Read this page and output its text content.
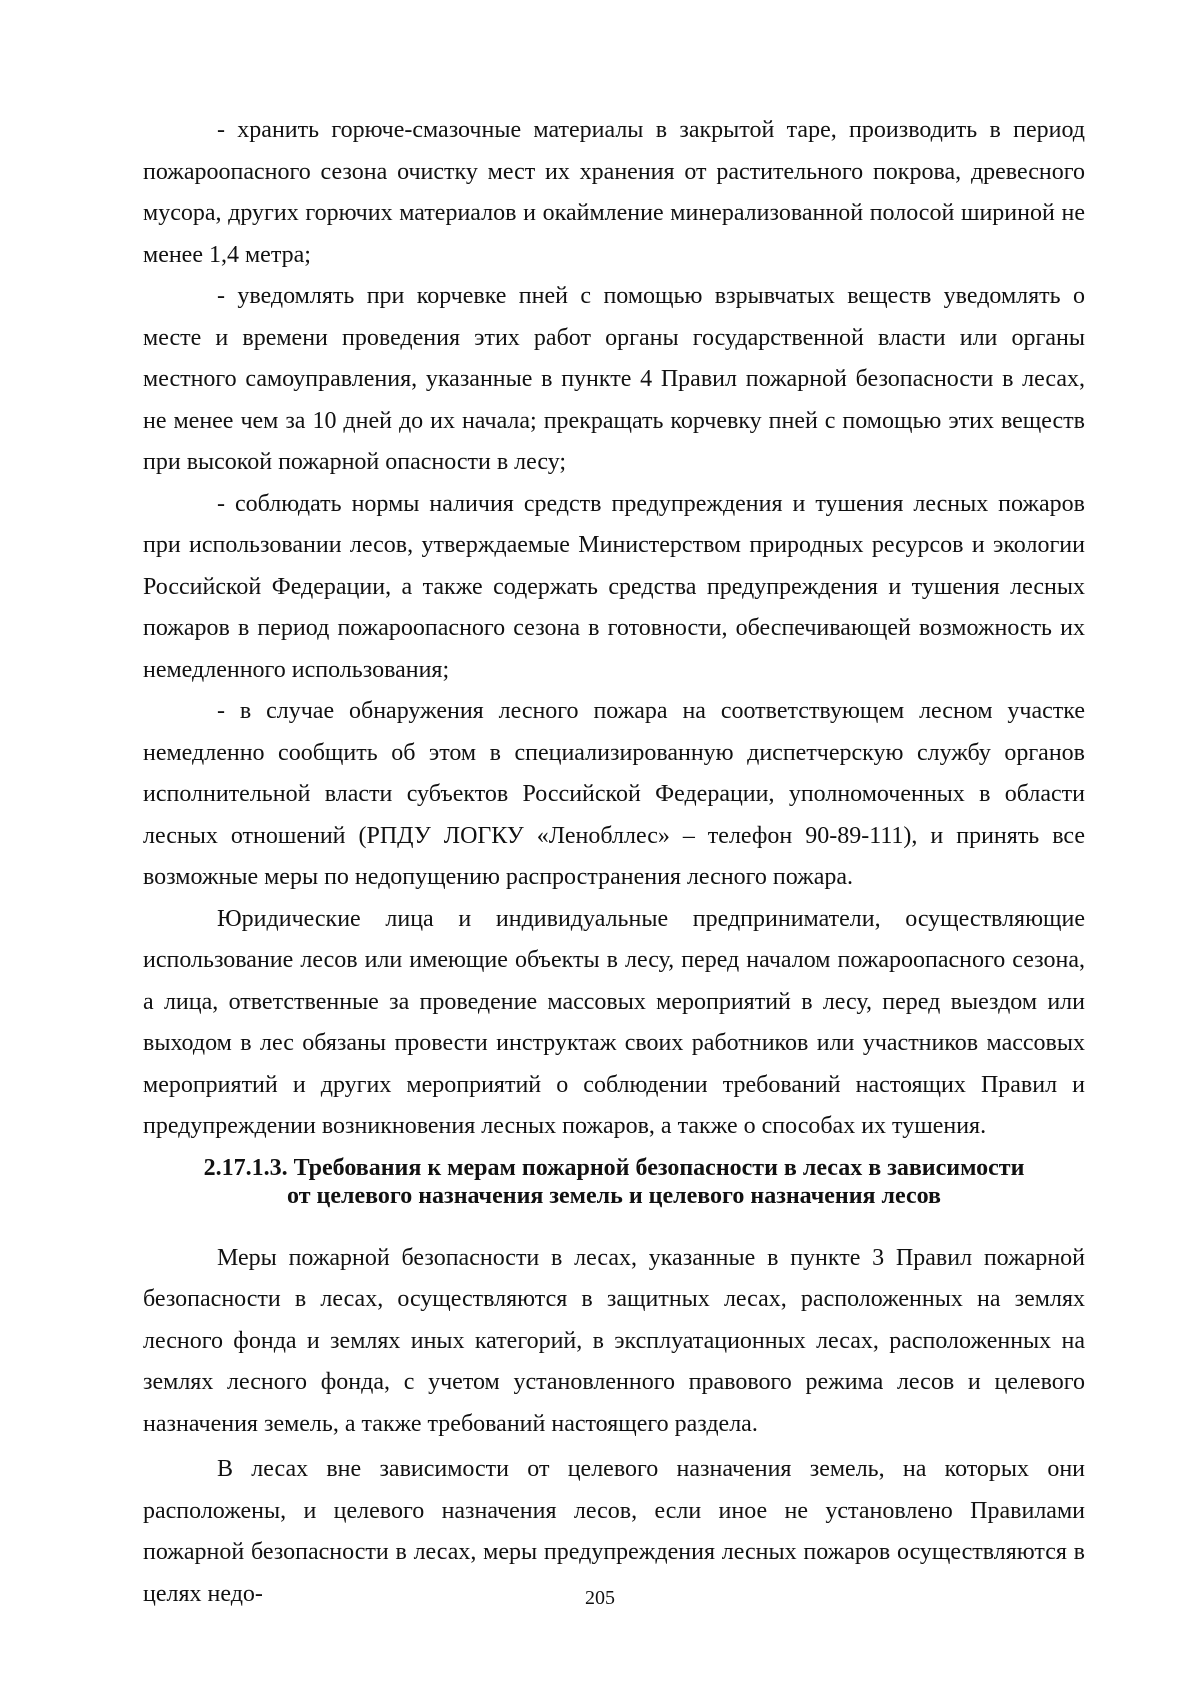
- хранить горюче-смазочные материалы в закрытой таре, производить в период пожароопасного сезона очистку мест их хранения от растительного покрова, древесного мусора, других горючих материалов и окаймление минерализованной полосой шириной не менее 1,4 метра;

- уведомлять при корчевке пней с помощью взрывчатых веществ уведомлять о месте и времени проведения этих работ органы государственной власти или органы местного самоуправления, указанные в пункте 4 Правил пожарной безопасности в лесах, не менее чем за 10 дней до их начала; прекращать корчевку пней с помощью этих веществ при высокой пожарной опасности в лесу;

- соблюдать нормы наличия средств предупреждения и тушения лесных пожаров при использовании лесов, утверждаемые Министерством природных ресурсов и экологии Российской Федерации, а также содержать средства предупреждения и тушения лесных пожаров в период пожароопасного сезона в готовности, обеспечивающей возможность их немедленного использования;

- в случае обнаружения лесного пожара на соответствующем лесном участке немедленно сообщить об этом в специализированную диспетчерскую службу органов исполнительной власти субъектов Российской Федерации, уполномоченных в области лесных отношений (РПДУ ЛОГКУ «Ленобллес» – телефон 90-89-111), и принять все возможные меры по недопущению распространения лесного пожара.

Юридические лица и индивидуальные предприниматели, осуществляющие использование лесов или имеющие объекты в лесу, перед началом пожароопасного сезона, а лица, ответственные за проведение массовых мероприятий в лесу, перед выездом или выходом в лес обязаны провести инструктаж своих работников или участников массовых мероприятий и других мероприятий о соблюдении требований настоящих Правил и предупреждении возникновения лесных пожаров, а также о способах их тушения.

2.17.1.3. Требования к мерам пожарной безопасности в лесах в зависимости
от целевого назначения земель и целевого назначения лесов

Меры пожарной безопасности в лесах, указанные в пункте 3 Правил пожарной безопасности в лесах, осуществляются в защитных лесах, расположенных на землях лесного фонда и землях иных категорий, в эксплуатационных лесах, расположенных на землях лесного фонда, с учетом установленного правового режима лесов и целевого назначения земель, а также требований настоящего раздела.

В лесах вне зависимости от целевого назначения земель, на которых они расположены, и целевого назначения лесов, если иное не установлено Правилами пожарной безопасности в лесах, меры предупреждения лесных пожаров осуществляются в целях недо-	205
